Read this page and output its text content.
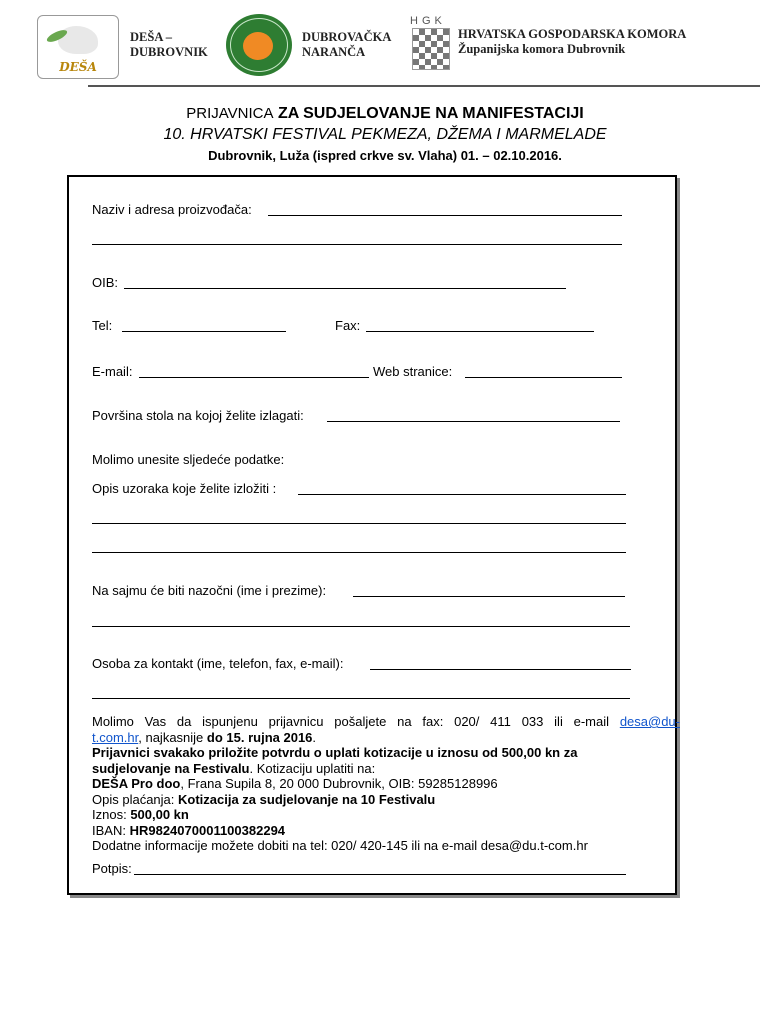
DEŠA
DEŠA –
DUBROVNIK
DUBROVAČKA
NARANČA
HGK
HRVATSKA GOSPODARSKA KOMORA
Županijska komora Dubrovnik
PRIJAVNICA ZA SUDJELOVANJE NA MANIFESTACIJI
10. HRVATSKI FESTIVAL PEKMEZA, DŽEMA I MARMELADE
Dubrovnik, Luža (ispred crkve sv. Vlaha) 01. – 02.10.2016.
Naziv i adresa proizvođača:
OIB:
Tel:	Fax:
E-mail:	Web stranice:
Površina stola na kojoj želite izlagati:
Molimo unesite sljedeće podatke:
Opis uzoraka koje želite izložiti :
Na sajmu će biti nazočni (ime i prezime):
Osoba za kontakt (ime, telefon, fax, e-mail):

Molimo Vas da ispunjenu prijavnicu pošaljete na fax: 020/ 411 033 ili e-mail desa@du-

t.com.hr, najkasnije do 15. rujna 2016.

Prijavnici svakako priložite potvrdu o uplati kotizacije u iznosu od 500,00 kn za

sudjelovanje na Festivalu. Kotizaciju uplatiti na:

DEŠA Pro doo, Frana Supila 8, 20 000 Dubrovnik, OIB: 59285128996

Opis plaćanja: Kotizacija za sudjelovanje na 10 Festivalu

Iznos: 500,00 kn

IBAN: HR9824070001100382294

Dodatne informacije možete dobiti na tel: 020/ 420-145 ili na e-mail desa@du.t-com.hr

Potpis:
